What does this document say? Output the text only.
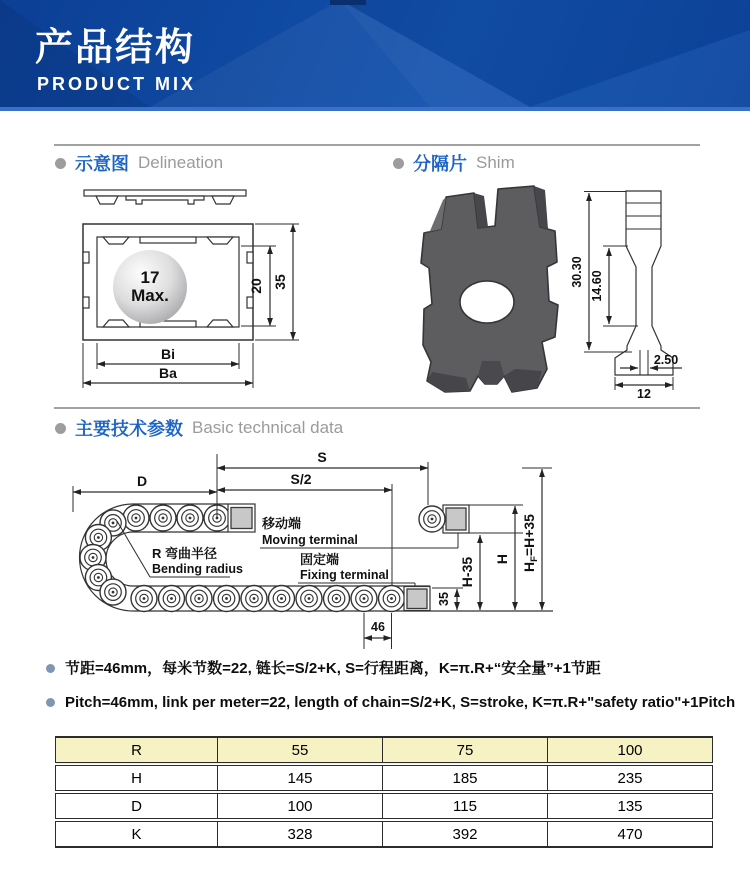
产品结构
PRODUCT MIX
示意图 Delineation	分隔片 Shim
17
Max.	20 35
Bi
Ba
30.30 14.60
2.50
12
主要技术参数 Basic technical data
D
S
S/2
46
35
H-35 H
$H_F=H+35$
移动端
Moving terminal
固定端
Fixing terminal
R 弯曲半径
Bending radius
节距=46mm，每米节数=22, 链长=S/2+K, S=行程距离，K=π.R+“安全量”+1节距
Pitch=46mm, link per meter=22, length of chain=S/2+K, S=stroke, K=π.R+"safety ratio"+1Pitch
R	55	75	100
H	145	185	235
D	100	115	135
K	328	392	470
